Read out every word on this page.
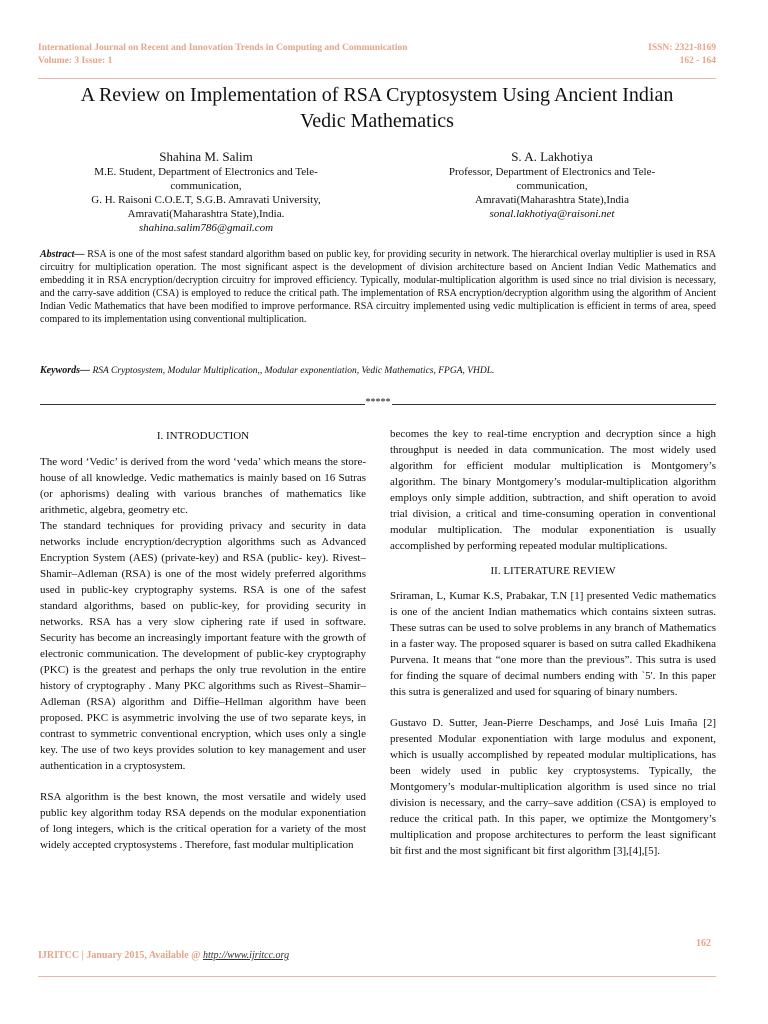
International Journal on Recent and Innovation Trends in Computing and Communication
Volume: 3 Issue: 1
ISSN: 2321-8169
162 - 164
A Review on Implementation of RSA Cryptosystem Using Ancient Indian
Vedic Mathematics
Shahina M. Salim
M.E. Student, Department of Electronics and Tele-
communication,
G. H. Raisoni C.O.E.T, S.G.B. Amravati University,
Amravati(Maharashtra State),India.
shahina.salim786@gmail.com
S. A. Lakhotiya
Professor, Department of Electronics and Tele-
communication,
Amravati(Maharashtra State),India
sonal.lakhotiya@raisoni.net
Abstract— RSA is one of the most safest standard algorithm based on public key, for providing security in network. The hierarchical overlay multiplier is used in RSA circuitry for multiplication operation. The most significant aspect is the development of division architecture based on Ancient Indian Vedic Mathematics and embedding it in RSA encryption/decryption circuitry for improved efficiency. Typically, modular-multiplication algorithm is used since no trial division is necessary, and the carry-save addition (CSA) is employed to reduce the critical path. The implementation of RSA encryption/decryption algorithm using the algorithm of Ancient Indian Vedic Mathematics that have been modified to improve performance. RSA circuitry implemented using vedic multiplication is efficient in terms of area, speed compared to its implementation using conventional multiplication.
Keywords— RSA Cryptosystem, Modular Multiplication,, Modular exponentiation, Vedic Mathematics, FPGA, VHDL.
*****

I. INTRODUCTION

The word ‘Vedic’ is derived from the word ‘veda’ which means the store-house of all knowledge. Vedic mathematics is mainly based on 16 Sutras (or aphorisms) dealing with various branches of mathematics like arithmetic, algebra, geometry etc.

The standard techniques for providing privacy and security in data networks include encryption/decryption algorithms such as Advanced Encryption System (AES) (private-key) and RSA (public- key). Rivest–Shamir–Adleman (RSA) is one of the most widely preferred algorithms used in public-key cryptography systems. RSA is one of the safest standard algorithms, based on public-key, for providing security in networks. RSA has a very slow ciphering rate if used in software. Security has become an increasingly important feature with the growth of electronic communication. The development of public-key cryptography (PKC) is the greatest and perhaps the only true revolution in the entire history of cryptography . Many PKC algorithms such as Rivest–Shamir–Adleman (RSA) algorithm and Diffie–Hellman algorithm have been proposed. PKC is asymmetric involving the use of two separate keys, in contrast to symmetric conventional encryption, which uses only a single key. The use of two keys provides solution to key management and user authentication in a cryptosystem.

RSA algorithm is the best known, the most versatile and widely used public key algorithm today RSA depends on the modular exponentiation of long integers, which is the critical operation for a variety of the most widely accepted cryptosystems . Therefore, fast modular multiplication

becomes the key to real-time encryption and decryption since a high throughput is needed in data communication. The most widely used algorithm for efficient modular multiplication is Montgomery’s algorithm. The binary Montgomery’s modular-multiplication algorithm employs only simple addition, subtraction, and shift operation to avoid trial division, a critical and time-consuming operation in conventional modular multiplication. The modular exponentiation is usually accomplished by performing repeated modular multiplications.

II. LITERATURE REVIEW

Sriraman, L, Kumar K.S, Prabakar, T.N [1] presented Vedic mathematics is one of the ancient Indian mathematics which contains sixteen sutras. These sutras can be used to solve problems in any branch of Mathematics in a faster way. The proposed squarer is based on sutra called Ekadhikena Purvena. It means that “one more than the previous”. This sutra is used for finding the square of decimal numbers ending with `5'. In this paper this sutra is generalized and used for squaring of binary numbers.

Gustavo D. Sutter, Jean-Pierre Deschamps, and José Luis Imaña [2] presented Modular exponentiation with large modulus and exponent, which is usually accomplished by repeated modular multiplications, has been widely used in public key cryptosystems. Typically, the Montgomery’s modular-multiplication algorithm is used since no trial division is necessary, and the carry–save addition (CSA) is employed to reduce the critical path. In this paper, we optimize the Montgomery’s multiplication and propose architectures to perform the least significant bit first and the most significant bit first algorithm [3],[4],[5].

162
IJRITCC | January 2015, Available @ http://www.ijritcc.org
